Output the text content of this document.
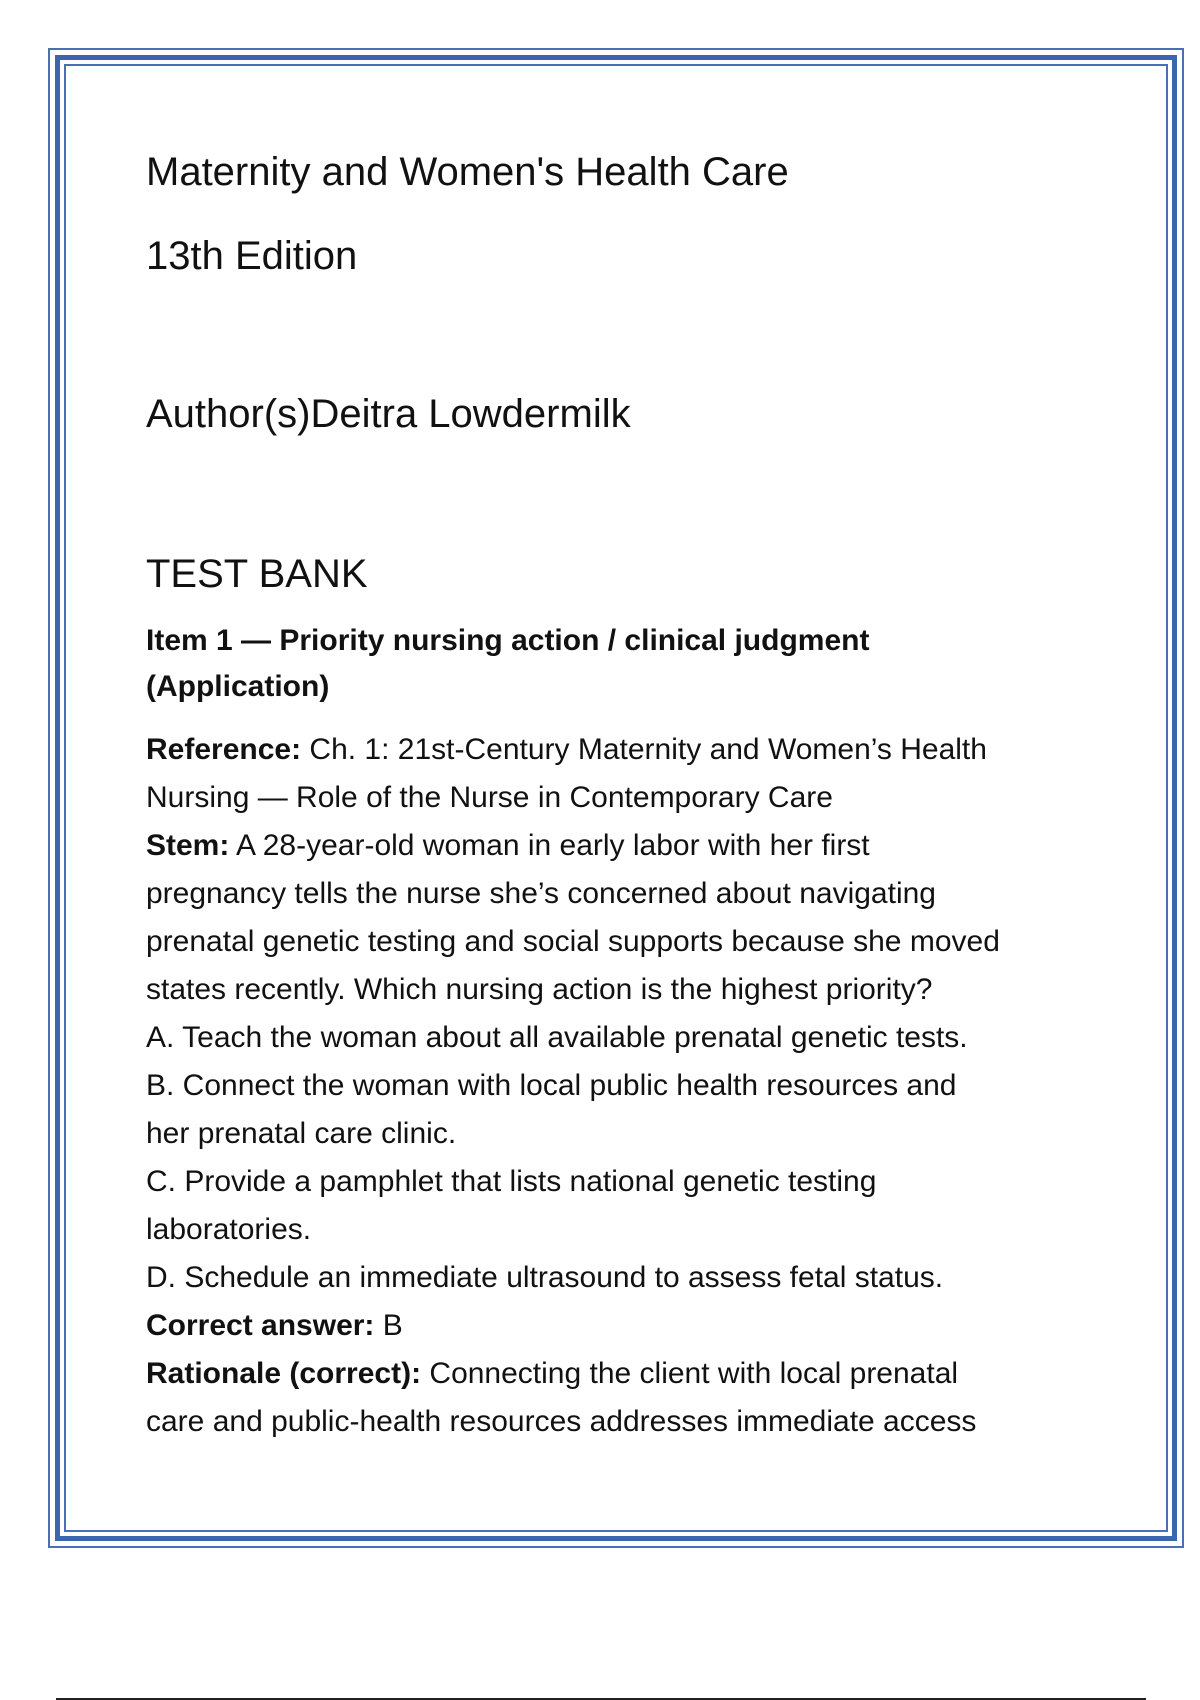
Maternity and Women's Health Care

13th Edition

Author(s)Deitra Lowdermilk

TEST BANK

Item 1 — Priority nursing action / clinical judgment
(Application)
Reference: Ch. 1: 21st-Century Maternity and Women’s Health
Nursing — Role of the Nurse in Contemporary Care
Stem: A 28-year-old woman in early labor with her first
pregnancy tells the nurse she’s concerned about navigating
prenatal genetic testing and social supports because she moved
states recently. Which nursing action is the highest priority?
A. Teach the woman about all available prenatal genetic tests.
B. Connect the woman with local public health resources and
her prenatal care clinic.
C. Provide a pamphlet that lists national genetic testing
laboratories.
D. Schedule an immediate ultrasound to assess fetal status.
Correct answer: B
Rationale (correct): Connecting the client with local prenatal
care and public-health resources addresses immediate access
